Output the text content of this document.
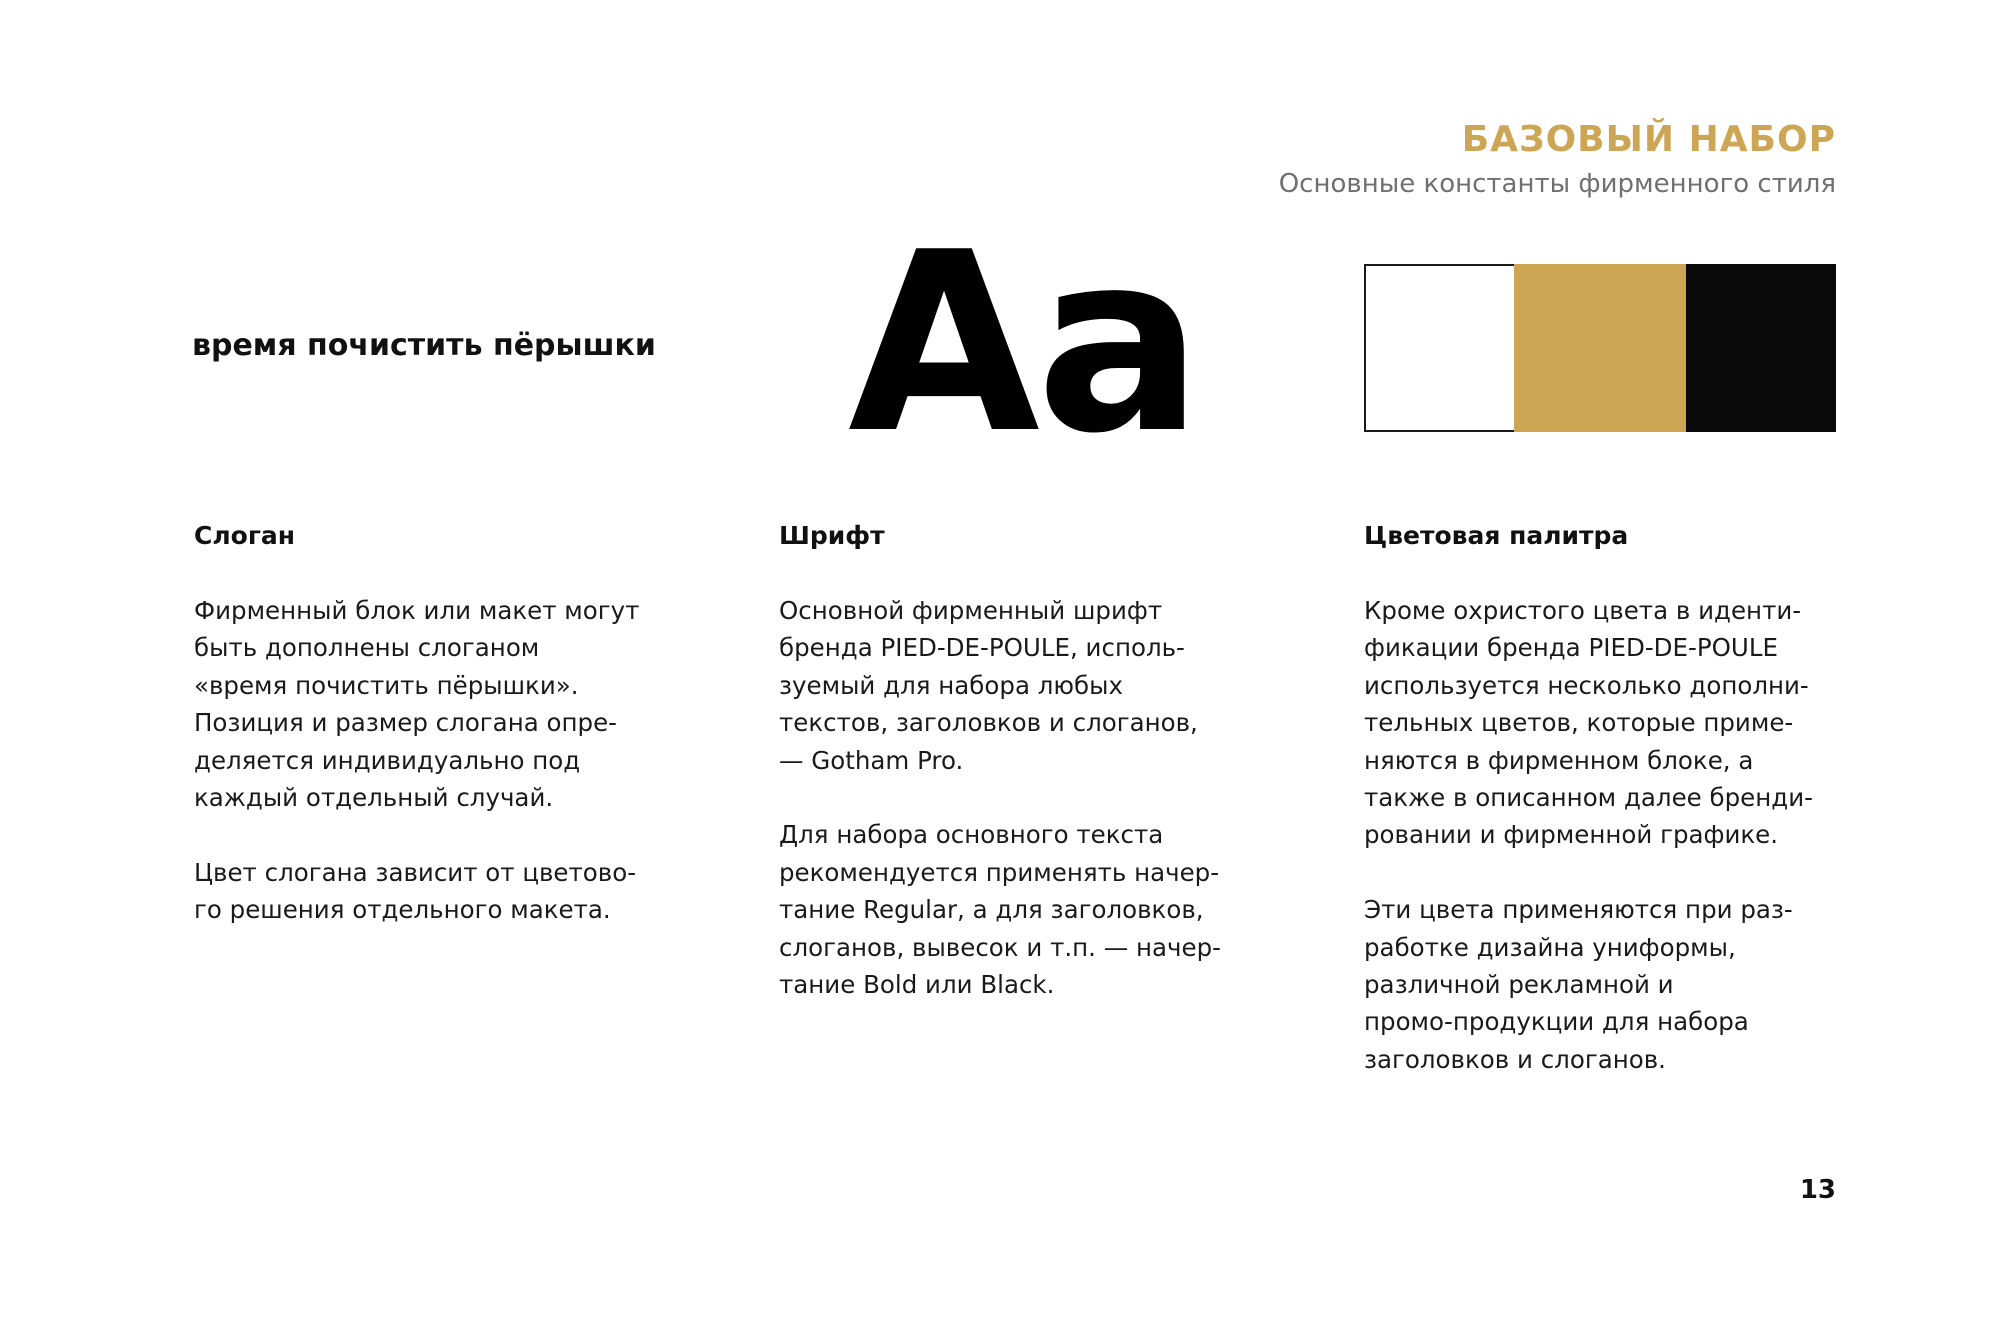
БАЗОВЫЙ НАБОР
Основные константы фирменного стиля
время почистить пёрышки Aa
Слоган

Фирменный блок или макет могут
быть дополнены слоганом
«время почистить пёрышки».
Позиция и размер слогана опре-
деляется индивидуально под
каждый отдельный случай.

Цвет слогана зависит от цветово-
го решения отдельного макета.

Шрифт

Основной фирменный шрифт
бренда PIED-DE-POULE, исполь-
зуемый для набора любых
текстов, заголовков и слоганов,
— Gotham Pro.

Для набора основного текста
рекомендуется применять начер-
тание Regular, а для заголовков,
слоганов, вывесок и т.п. — начер-
тание Bold или Black.

Цветовая палитра

Кроме охристого цвета в иденти-
фикации бренда PIED-DE-POULE
используется несколько дополни-
тельных цветов, которые приме-
няются в фирменном блоке, а
также в описанном далее бренди-
ровании и фирменной графике.

Эти цвета применяются при раз-
работке дизайна униформы,
различной рекламной и
промо-продукции для набора
заголовков и слоганов.

13
